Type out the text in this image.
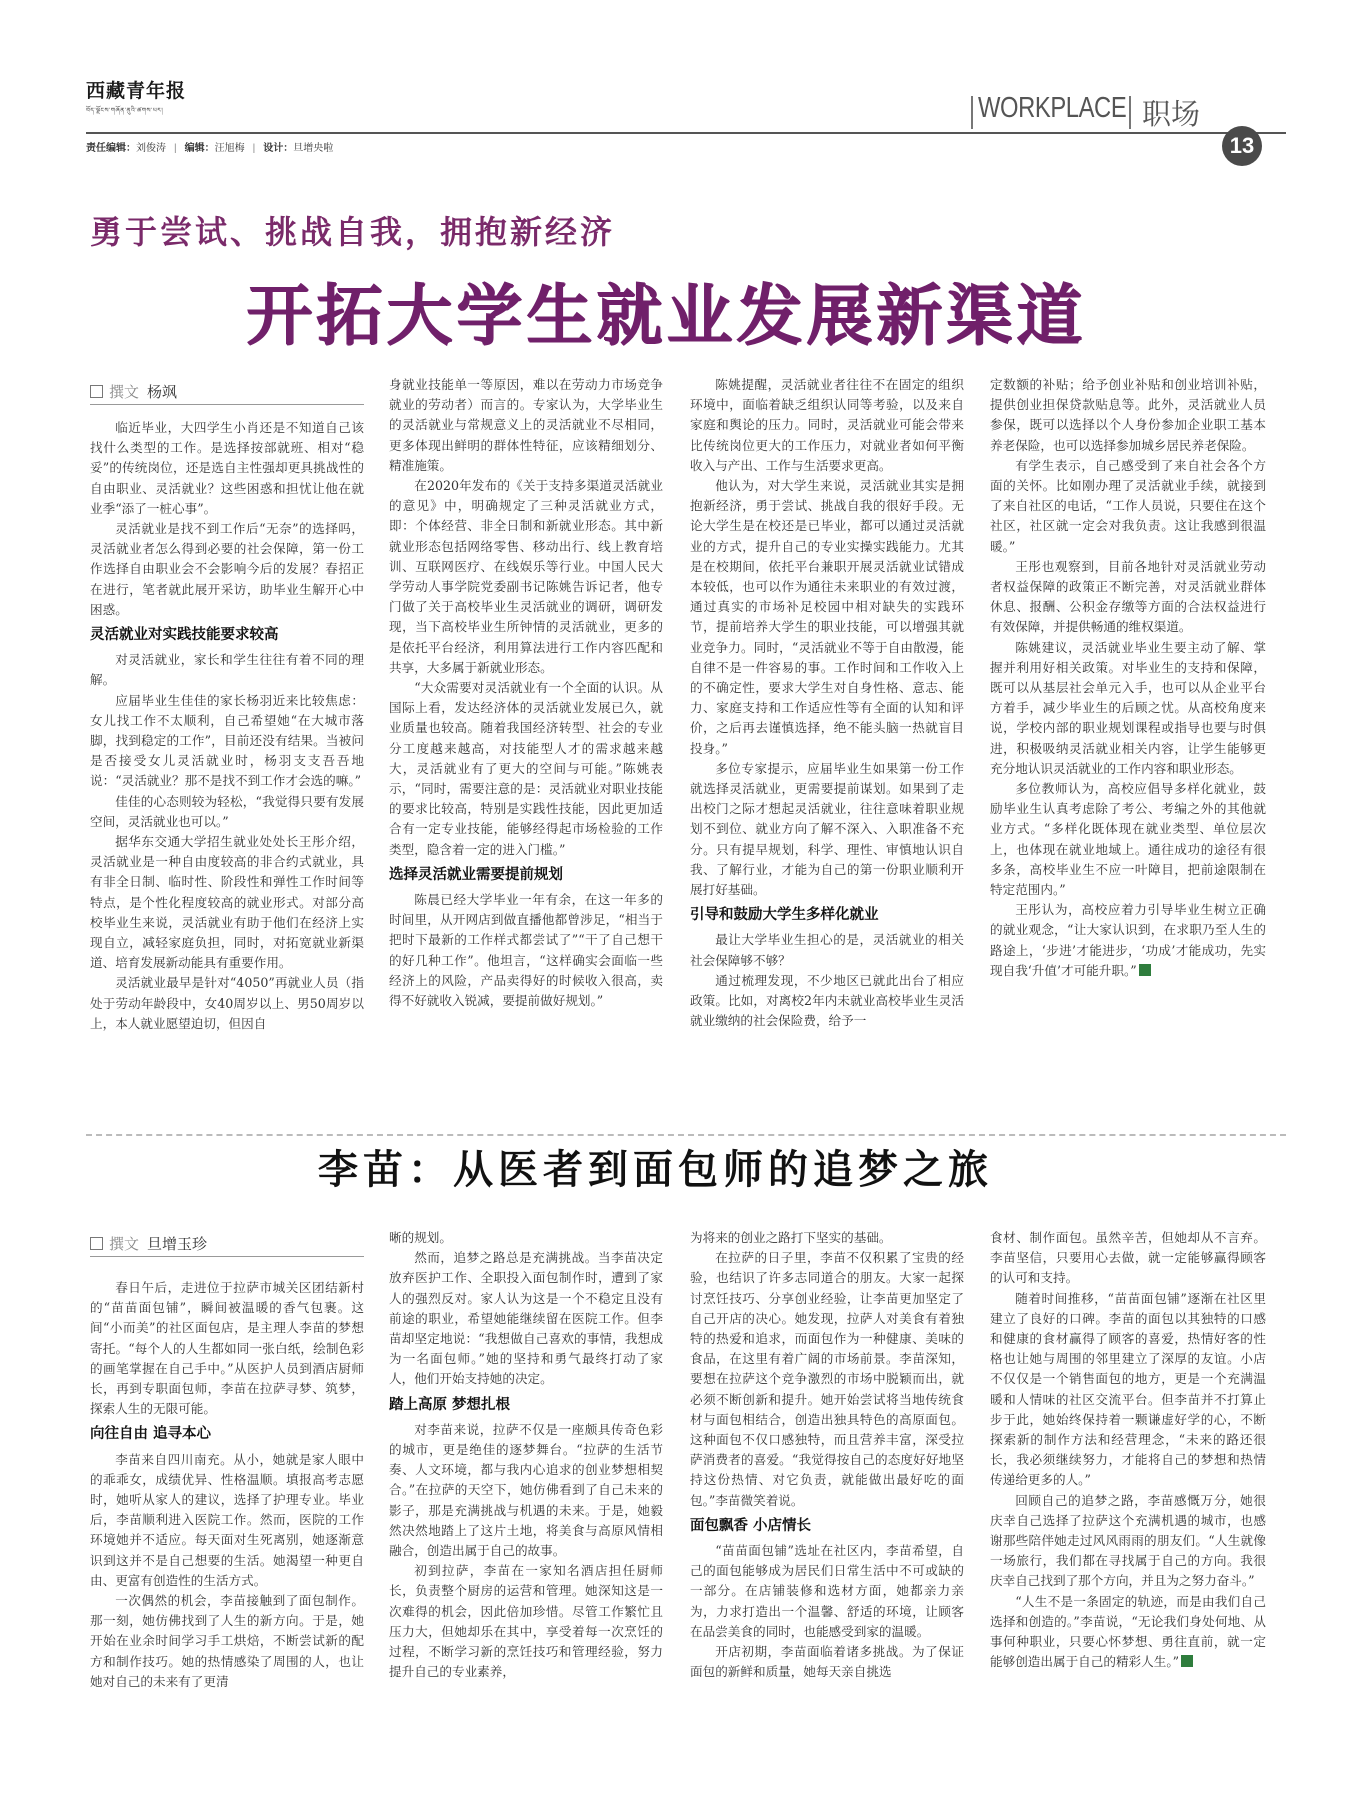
西藏青年报
བོད་ལྗོངས་གཞོན་ནུའི་ཚགས་པར།
责任编辑：刘俊涛 | 编辑：汪旭梅 | 设计：旦增央啦
WORKPLACE 职场
13
勇于尝试、挑战自我，拥抱新经济
开拓大学生就业发展新渠道
撰文 杨飒

临近毕业，大四学生小肖还是不知道自己该找什么类型的工作。是选择按部就班、相对“稳妥”的传统岗位，还是选自主性强却更具挑战性的自由职业、灵活就业？这些困惑和担忧让他在就业季“添了一桩心事”。

灵活就业是找不到工作后“无奈”的选择吗，灵活就业者怎么得到必要的社会保障，第一份工作选择自由职业会不会影响今后的发展？春招正在进行，笔者就此展开采访，助毕业生解开心中困惑。

灵活就业对实践技能要求较高

对灵活就业，家长和学生往往有着不同的理解。

应届毕业生佳佳的家长杨羽近来比较焦虑：女儿找工作不太顺利，自己希望她“在大城市落脚，找到稳定的工作”，目前还没有结果。当被问是否接受女儿灵活就业时，杨羽支支吾吾地说：“灵活就业？那不是找不到工作才会选的嘛。”

佳佳的心态则较为轻松，“我觉得只要有发展空间，灵活就业也可以。”

据华东交通大学招生就业处处长王彤介绍，灵活就业是一种自由度较高的非合约式就业，具有非全日制、临时性、阶段性和弹性工作时间等特点，是个性化程度较高的就业形式。对部分高校毕业生来说，灵活就业有助于他们在经济上实现自立，减轻家庭负担，同时，对拓宽就业新渠道、培育发展新动能具有重要作用。

灵活就业最早是针对“4050”再就业人员（指处于劳动年龄段中，女40周岁以上、男50周岁以上，本人就业愿望迫切，但因自

身就业技能单一等原因，难以在劳动力市场竞争就业的劳动者）而言的。专家认为，大学毕业生的灵活就业与常规意义上的灵活就业不尽相同，更多体现出鲜明的群体性特征，应该精细划分、精准施策。

在2020年发布的《关于支持多渠道灵活就业的意见》中，明确规定了三种灵活就业方式，即：个体经营、非全日制和新就业形态。其中新就业形态包括网络零售、移动出行、线上教育培训、互联网医疗、在线娱乐等行业。中国人民大学劳动人事学院党委副书记陈姚告诉记者，他专门做了关于高校毕业生灵活就业的调研，调研发现，当下高校毕业生所钟情的灵活就业，更多的是依托平台经济，利用算法进行工作内容匹配和共享，大多属于新就业形态。

“大众需要对灵活就业有一个全面的认识。从国际上看，发达经济体的灵活就业发展已久，就业质量也较高。随着我国经济转型、社会的专业分工度越来越高，对技能型人才的需求越来越大，灵活就业有了更大的空间与可能。”陈姚表示，“同时，需要注意的是：灵活就业对职业技能的要求比较高，特别是实践性技能，因此更加适合有一定专业技能，能够经得起市场检验的工作类型，隐含着一定的进入门槛。”

选择灵活就业需要提前规划

陈晨已经大学毕业一年有余，在这一年多的时间里，从开网店到做直播他都曾涉足，“相当于把时下最新的工作样式都尝试了”“干了自己想干的好几种工作”。他坦言，“这样确实会面临一些经济上的风险，产品卖得好的时候收入很高，卖得不好就收入锐减，要提前做好规划。”

陈姚提醒，灵活就业者往往不在固定的组织环境中，面临着缺乏组织认同等考验，以及来自家庭和舆论的压力。同时，灵活就业可能会带来比传统岗位更大的工作压力，对就业者如何平衡收入与产出、工作与生活要求更高。

他认为，对大学生来说，灵活就业其实是拥抱新经济，勇于尝试、挑战自我的很好手段。无论大学生是在校还是已毕业，都可以通过灵活就业的方式，提升自己的专业实操实践能力。尤其是在校期间，依托平台兼职开展灵活就业试错成本较低，也可以作为通往未来职业的有效过渡，通过真实的市场补足校园中相对缺失的实践环节，提前培养大学生的职业技能，可以增强其就业竞争力。同时，“灵活就业不等于自由散漫，能自律不是一件容易的事。工作时间和工作收入上的不确定性，要求大学生对自身性格、意志、能力、家庭支持和工作适应性等有全面的认知和评价，之后再去谨慎选择，绝不能头脑一热就盲目投身。”

多位专家提示，应届毕业生如果第一份工作就选择灵活就业，更需要提前谋划。如果到了走出校门之际才想起灵活就业，往往意味着职业规划不到位、就业方向了解不深入、入职准备不充分。只有提早规划，科学、理性、审慎地认识自我、了解行业，才能为自己的第一份职业顺利开展打好基础。

引导和鼓励大学生多样化就业

最让大学毕业生担心的是，灵活就业的相关社会保障够不够？

通过梳理发现，不少地区已就此出台了相应政策。比如，对离校2年内未就业高校毕业生灵活就业缴纳的社会保险费，给予一

定数额的补贴；给予创业补贴和创业培训补贴，提供创业担保贷款贴息等。此外，灵活就业人员参保，既可以选择以个人身份参加企业职工基本养老保险，也可以选择参加城乡居民养老保险。

有学生表示，自己感受到了来自社会各个方面的关怀。比如刚办理了灵活就业手续，就接到了来自社区的电话，“工作人员说，只要住在这个社区，社区就一定会对我负责。这让我感到很温暖。”

王彤也观察到，目前各地针对灵活就业劳动者权益保障的政策正不断完善，对灵活就业群体休息、报酬、公积金存缴等方面的合法权益进行有效保障，并提供畅通的维权渠道。

陈姚建议，灵活就业毕业生要主动了解、掌握并利用好相关政策。对毕业生的支持和保障，既可以从基层社会单元入手，也可以从企业平台方着手，减少毕业生的后顾之忧。从高校角度来说，学校内部的职业规划课程或指导也要与时俱进，积极吸纳灵活就业相关内容，让学生能够更充分地认识灵活就业的工作内容和职业形态。

多位教师认为，高校应倡导多样化就业，鼓励毕业生认真考虑除了考公、考编之外的其他就业方式。“多样化既体现在就业类型、单位层次上，也体现在就业地域上。通往成功的途径有很多条，高校毕业生不应一叶障目，把前途限制在特定范围内。”

王彤认为，高校应着力引导毕业生树立正确的就业观念，“让大家认识到，在求职乃至人生的路途上，‘步进’才能进步，‘功成’才能成功，先实现自我‘升值’才可能升职。”

李苗：从医者到面包师的追梦之旅
撰文 旦增玉珍

春日午后，走进位于拉萨市城关区团结新村的“苗苗面包铺”，瞬间被温暖的香气包裹。这间“小而美”的社区面包店，是主理人李苗的梦想寄托。“每个人的人生都如同一张白纸，绘制色彩的画笔掌握在自己手中。”从医护人员到酒店厨师长，再到专职面包师，李苗在拉萨寻梦、筑梦，探索人生的无限可能。

向往自由 追寻本心

李苗来自四川南充。从小，她就是家人眼中的乖乖女，成绩优异、性格温顺。填报高考志愿时，她听从家人的建议，选择了护理专业。毕业后，李苗顺利进入医院工作。然而，医院的工作环境她并不适应。每天面对生死离别，她逐渐意识到这并不是自己想要的生活。她渴望一种更自由、更富有创造性的生活方式。

一次偶然的机会，李苗接触到了面包制作。那一刻，她仿佛找到了人生的新方向。于是，她开始在业余时间学习手工烘焙，不断尝试新的配方和制作技巧。她的热情感染了周围的人，也让她对自己的未来有了更清

晰的规划。

然而，追梦之路总是充满挑战。当李苗决定放弃医护工作、全职投入面包制作时，遭到了家人的强烈反对。家人认为这是一个不稳定且没有前途的职业，希望她能继续留在医院工作。但李苗却坚定地说：“我想做自己喜欢的事情，我想成为一名面包师。”她的坚持和勇气最终打动了家人，他们开始支持她的决定。

踏上高原 梦想扎根

对李苗来说，拉萨不仅是一座颇具传奇色彩的城市，更是绝佳的逐梦舞台。“拉萨的生活节奏、人文环境，都与我内心追求的创业梦想相契合。”在拉萨的天空下，她仿佛看到了自己未来的影子，那是充满挑战与机遇的未来。于是，她毅然决然地踏上了这片土地，将美食与高原风情相融合，创造出属于自己的故事。

初到拉萨，李苗在一家知名酒店担任厨师长，负责整个厨房的运营和管理。她深知这是一次难得的机会，因此倍加珍惜。尽管工作繁忙且压力大，但她却乐在其中，享受着每一次烹饪的过程，不断学习新的烹饪技巧和管理经验，努力提升自己的专业素养，

为将来的创业之路打下坚实的基础。

在拉萨的日子里，李苗不仅积累了宝贵的经验，也结识了许多志同道合的朋友。大家一起探讨烹饪技巧、分享创业经验，让李苗更加坚定了自己开店的决心。她发现，拉萨人对美食有着独特的热爱和追求，而面包作为一种健康、美味的食品，在这里有着广阔的市场前景。李苗深知，要想在拉萨这个竞争激烈的市场中脱颖而出，就必须不断创新和提升。她开始尝试将当地传统食材与面包相结合，创造出独具特色的高原面包。这种面包不仅口感独特，而且营养丰富，深受拉萨消费者的喜爱。“我觉得按自己的态度好好地坚持这份热情、对它负责，就能做出最好吃的面包。”李苗微笑着说。

面包飘香 小店情长

“苗苗面包铺”选址在社区内，李苗希望，自己的面包能够成为居民们日常生活中不可或缺的一部分。在店铺装修和选材方面，她都亲力亲为，力求打造出一个温馨、舒适的环境，让顾客在品尝美食的同时，也能感受到家的温暖。

开店初期，李苗面临着诸多挑战。为了保证面包的新鲜和质量，她每天亲自挑选

食材、制作面包。虽然辛苦，但她却从不言弃。李苗坚信，只要用心去做，就一定能够赢得顾客的认可和支持。

随着时间推移，“苗苗面包铺”逐渐在社区里建立了良好的口碑。李苗的面包以其独特的口感和健康的食材赢得了顾客的喜爱，热情好客的性格也让她与周围的邻里建立了深厚的友谊。小店不仅仅是一个销售面包的地方，更是一个充满温暖和人情味的社区交流平台。但李苗并不打算止步于此，她始终保持着一颗谦虚好学的心，不断探索新的制作方法和经营理念，“未来的路还很长，我必须继续努力，才能将自己的梦想和热情传递给更多的人。”

回顾自己的追梦之路，李苗感慨万分，她很庆幸自己选择了拉萨这个充满机遇的城市，也感谢那些陪伴她走过风风雨雨的朋友们。“人生就像一场旅行，我们都在寻找属于自己的方向。我很庆幸自己找到了那个方向，并且为之努力奋斗。”

“人生不是一条固定的轨迹，而是由我们自己选择和创造的。”李苗说，“无论我们身处何地、从事何种职业，只要心怀梦想、勇往直前，就一定能够创造出属于自己的精彩人生。”
